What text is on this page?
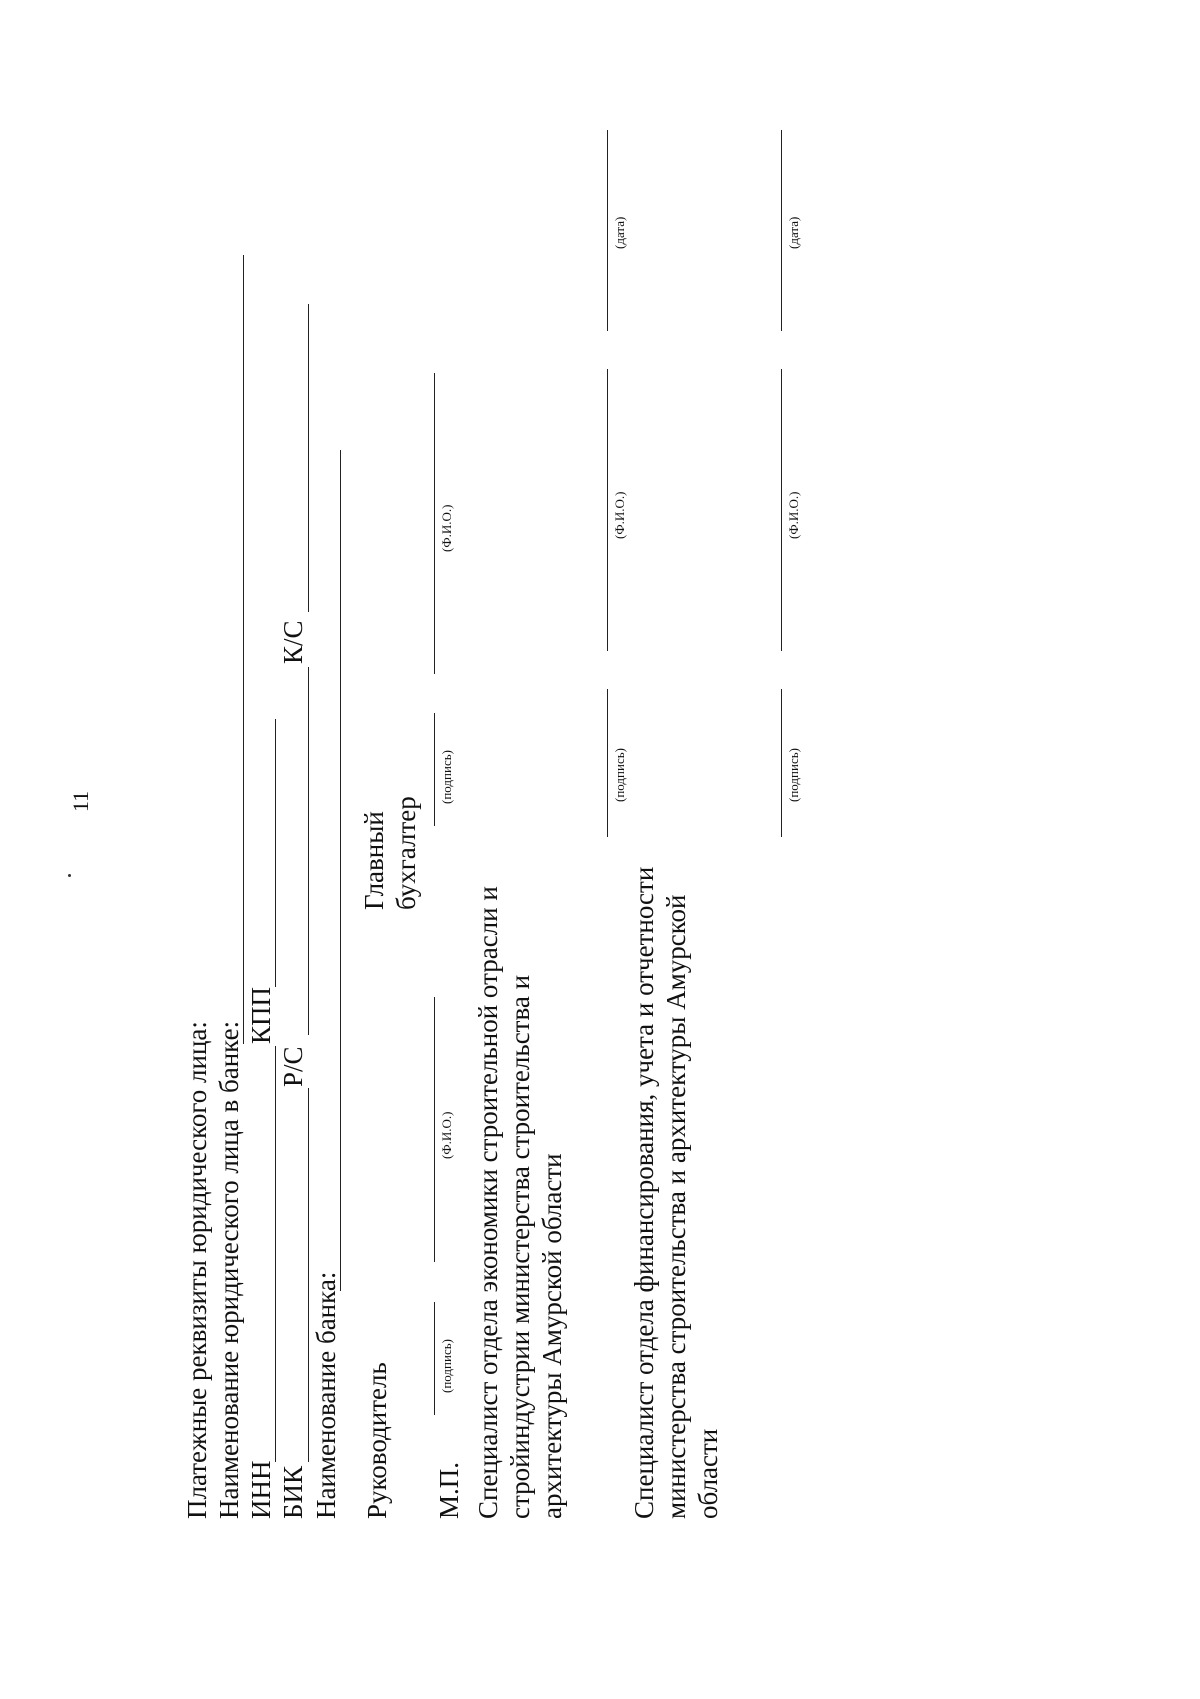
11
Платежные реквизиты юридического лица: Наименование юридического лица в банке: ИНН
КПП
БИК
Р/С
К/С
Наименование банка: Руководитель
Главный бухгалтер
М.П.
(подпись)
(Ф.И.О.)
(подпись)
(Ф.И.О.)
Специалист отдела экономики строительной отрасли и стройиндустрии министерства строительства и архитектуры Амурской области
(подпись)
(Ф.И.О.)
(дата)
Специалист отдела финансирования, учета и отчетности министерства строительства и архитектуры Амурской области
(подпись)
(Ф.И.О.)
(дата)
